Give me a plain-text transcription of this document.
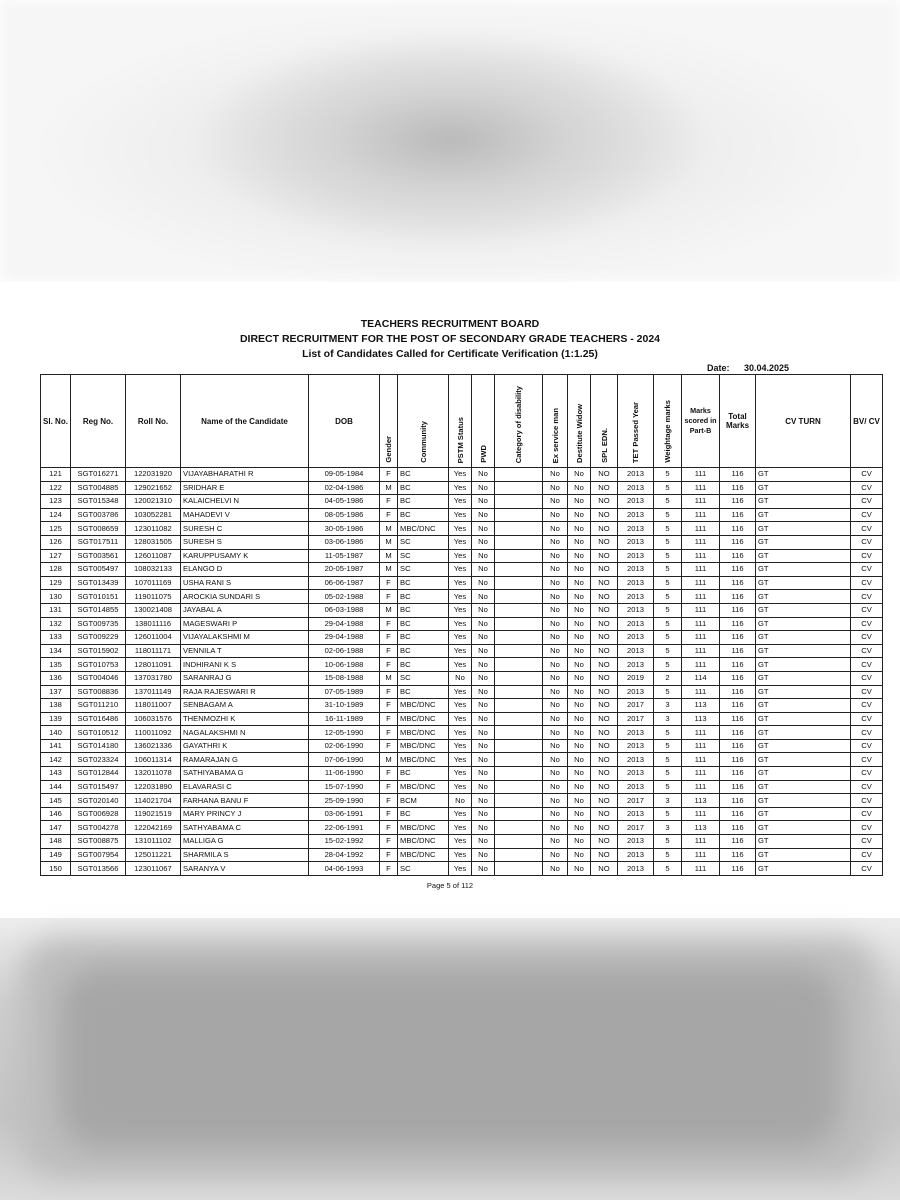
TEACHERS RECRUITMENT BOARD
DIRECT RECRUITMENT FOR THE POST OF SECONDARY GRADE TEACHERS - 2024
List of Candidates Called for Certificate Verification (1:1.25)
Date: 30.04.2025
Sl. No.	Reg No.	Roll No.	Name of the Candidate	DOB	Gender	Community	PSTM Status	PWD	Category of disability	Ex service man	Destitute Widow	SPL EDN.	TET Passed Year	Weightage marks	Marks scored in Part-B	Total Marks	CV TURN	BV/ CV
121	SGT016271	122031920	VIJAYABHARATHI R	09-05-1984	F	BC	Yes	No		No	No	NO	2013	5	111	116	GT	CV
122	SGT004885	129021652	SRIDHAR E	02-04-1986	M	BC	Yes	No		No	No	NO	2013	5	111	116	GT	CV
123	SGT015348	120021310	KALAICHELVI N	04-05-1986	F	BC	Yes	No		No	No	NO	2013	5	111	116	GT	CV
124	SGT003786	103052281	MAHADEVI V	08-05-1986	F	BC	Yes	No		No	No	NO	2013	5	111	116	GT	CV
125	SGT008659	123011082	SURESH C	30-05-1986	M	MBC/DNC	Yes	No		No	No	NO	2013	5	111	116	GT	CV
126	SGT017511	128031505	SURESH S	03-06-1986	M	SC	Yes	No		No	No	NO	2013	5	111	116	GT	CV
127	SGT003561	126011087	KARUPPUSAMY K	11-05-1987	M	SC	Yes	No		No	No	NO	2013	5	111	116	GT	CV
128	SGT005497	108032133	ELANGO D	20-05-1987	M	SC	Yes	No		No	No	NO	2013	5	111	116	GT	CV
129	SGT013439	107011169	USHA RANI S	06-06-1987	F	BC	Yes	No		No	No	NO	2013	5	111	116	GT	CV
130	SGT010151	119011075	AROCKIA SUNDARI S	05-02-1988	F	BC	Yes	No		No	No	NO	2013	5	111	116	GT	CV
131	SGT014855	130021408	JAYABAL A	06-03-1988	M	BC	Yes	No		No	No	NO	2013	5	111	116	GT	CV
132	SGT009735	138011116	MAGESWARI P	29-04-1988	F	BC	Yes	No		No	No	NO	2013	5	111	116	GT	CV
133	SGT009229	126011004	VIJAYALAKSHMI M	29-04-1988	F	BC	Yes	No		No	No	NO	2013	5	111	116	GT	CV
134	SGT015902	118011171	VENNILA T	02-06-1988	F	BC	Yes	No		No	No	NO	2013	5	111	116	GT	CV
135	SGT010753	128011091	INDHIRANI K S	10-06-1988	F	BC	Yes	No		No	No	NO	2013	5	111	116	GT	CV
136	SGT004046	137031780	SARANRAJ G	15-08-1988	M	SC	No	No		No	No	NO	2019	2	114	116	GT	CV
137	SGT008836	137011149	RAJA RAJESWARI R	07-05-1989	F	BC	Yes	No		No	No	NO	2013	5	111	116	GT	CV
138	SGT011210	118011007	SENBAGAM A	31-10-1989	F	MBC/DNC	Yes	No		No	No	NO	2017	3	113	116	GT	CV
139	SGT016486	106031576	THENMOZHI K	16-11-1989	F	MBC/DNC	Yes	No		No	No	NO	2017	3	113	116	GT	CV
140	SGT010512	110011092	NAGALAKSHMI N	12-05-1990	F	MBC/DNC	Yes	No		No	No	NO	2013	5	111	116	GT	CV
141	SGT014180	136021336	GAYATHRI K	02-06-1990	F	MBC/DNC	Yes	No		No	No	NO	2013	5	111	116	GT	CV
142	SGT023324	106011314	RAMARAJAN G	07-06-1990	M	MBC/DNC	Yes	No		No	No	NO	2013	5	111	116	GT	CV
143	SGT012844	132011078	SATHIYABAMA G	11-06-1990	F	BC	Yes	No		No	No	NO	2013	5	111	116	GT	CV
144	SGT015497	122031890	ELAVARASI C	15-07-1990	F	MBC/DNC	Yes	No		No	No	NO	2013	5	111	116	GT	CV
145	SGT020140	114021704	FARHANA BANU F	25-09-1990	F	BCM	No	No		No	No	NO	2017	3	113	116	GT	CV
146	SGT006928	119021519	MARY PRINCY J	03-06-1991	F	BC	Yes	No		No	No	NO	2013	5	111	116	GT	CV
147	SGT004278	122042169	SATHYABAMA C	22-06-1991	F	MBC/DNC	Yes	No		No	No	NO	2017	3	113	116	GT	CV
148	SGT008875	131011102	MALLIGA G	15-02-1992	F	MBC/DNC	Yes	No		No	No	NO	2013	5	111	116	GT	CV
149	SGT007954	125011221	SHARMILA S	28-04-1992	F	MBC/DNC	Yes	No		No	No	NO	2013	5	111	116	GT	CV
150	SGT013566	123011067	SARANYA V	04-06-1993	F	SC	Yes	No		No	No	NO	2013	5	111	116	GT	CV
Page 5 of 112
